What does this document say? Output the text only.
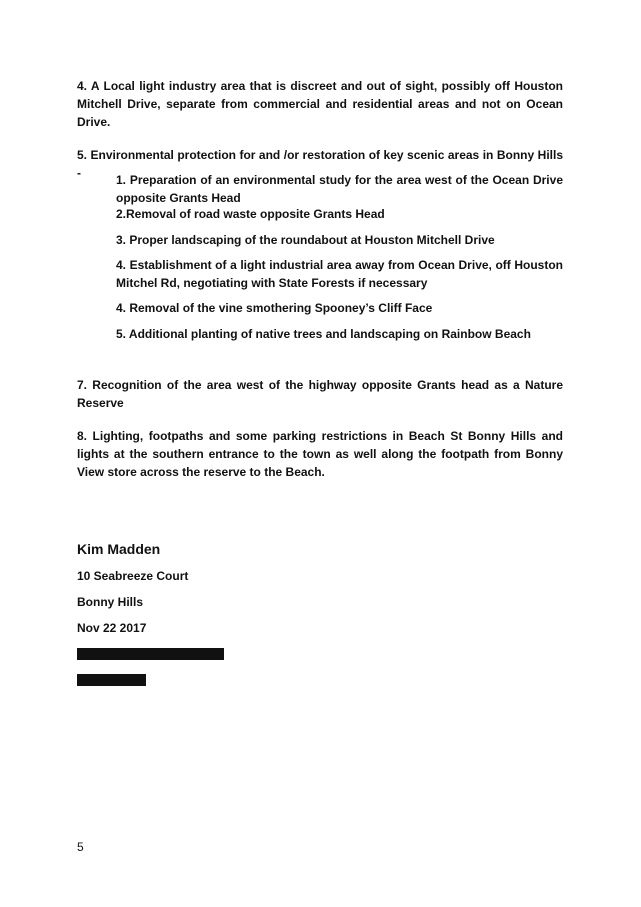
4. A Local light industry area that is discreet and out of sight, possibly off Houston Mitchell Drive, separate from commercial and residential areas and not on Ocean Drive.

5. Environmental protection for and /or restoration of key scenic areas in Bonny Hills -	1. Preparation of an environmental study for the area west of the Ocean Drive opposite Grants Head

2.Removal of road waste opposite Grants Head

3. Proper landscaping of the roundabout at Houston Mitchell Drive

4. Establishment of a light industrial area away from Ocean Drive, off Houston Mitchel Rd, negotiating with State Forests if necessary

4. Removal of the vine smothering Spooney’s Cliff Face

5. Additional planting of native trees and landscaping on Rainbow Beach

7. Recognition of the area west of the highway opposite Grants head as a Nature Reserve

8. Lighting, footpaths and some parking restrictions in Beach St Bonny Hills and lights at the southern entrance to the town as well along the footpath from Bonny View store across the reserve to the Beach.

Kim Madden

10 Seabreeze Court

Bonny Hills

Nov 22 2017

5
